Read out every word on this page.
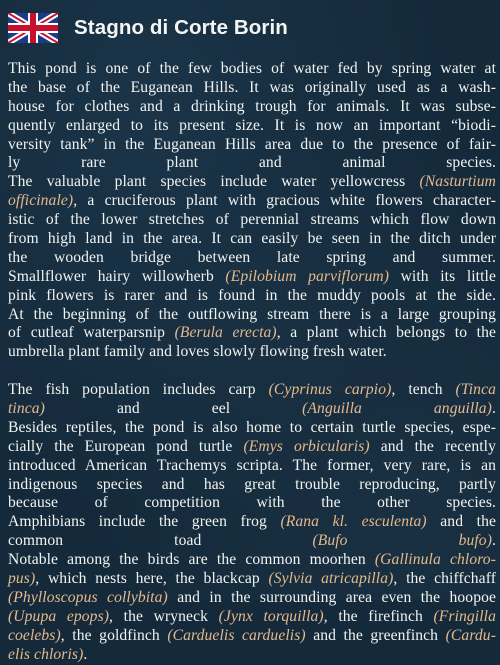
Stagno di Corte Borin
This pond is one of the few bodies of water fed by spring water at
the base of the Euganean Hills. It was originally used as a wash-
house for clothes and a drinking trough for animals. It was subse-
quently enlarged to its present size. It is now an important “biodi-
versity tank” in the Euganean Hills area due to the presence of fair-
ly rare plant and animal species.
The valuable plant species include water yellowcress (Nasturtium
officinale), a cruciferous plant with gracious white flowers character-
istic of the lower stretches of perennial streams which flow down
from high land in the area. It can easily be seen in the ditch under
the wooden bridge between late spring and summer.
Smallflower hairy willowherb (Epilobium parviflorum) with its little
pink flowers is rarer and is found in the muddy pools at the side.
At the beginning of the outflowing stream there is a large grouping
of cutleaf waterparsnip (Berula erecta), a plant which belongs to the
umbrella plant family and loves slowly flowing fresh water.
The fish population includes carp (Cyprinus carpio), tench (Tinca
tinca) and eel (Anguilla anguilla).
Besides reptiles, the pond is also home to certain turtle species, espe-
cially the European pond turtle (Emys orbicularis) and the recently
introduced American Trachemys scripta. The former, very rare, is an
indigenous species and has great trouble reproducing, partly
because of competition with the other species.
Amphibians include the green frog (Rana kl. esculenta) and the
common toad (Bufo bufo).
Notable among the birds are the common moorhen (Gallinula chloro-
pus), which nests here, the blackcap (Sylvia atricapilla), the chiffchaff
(Phylloscopus collybita) and in the surrounding area even the hoopoe
(Upupa epops), the wryneck (Jynx torquilla), the firefinch (Fringilla
coelebs), the goldfinch (Carduelis carduelis) and the greenfinch (Cardu-
elis chloris).
